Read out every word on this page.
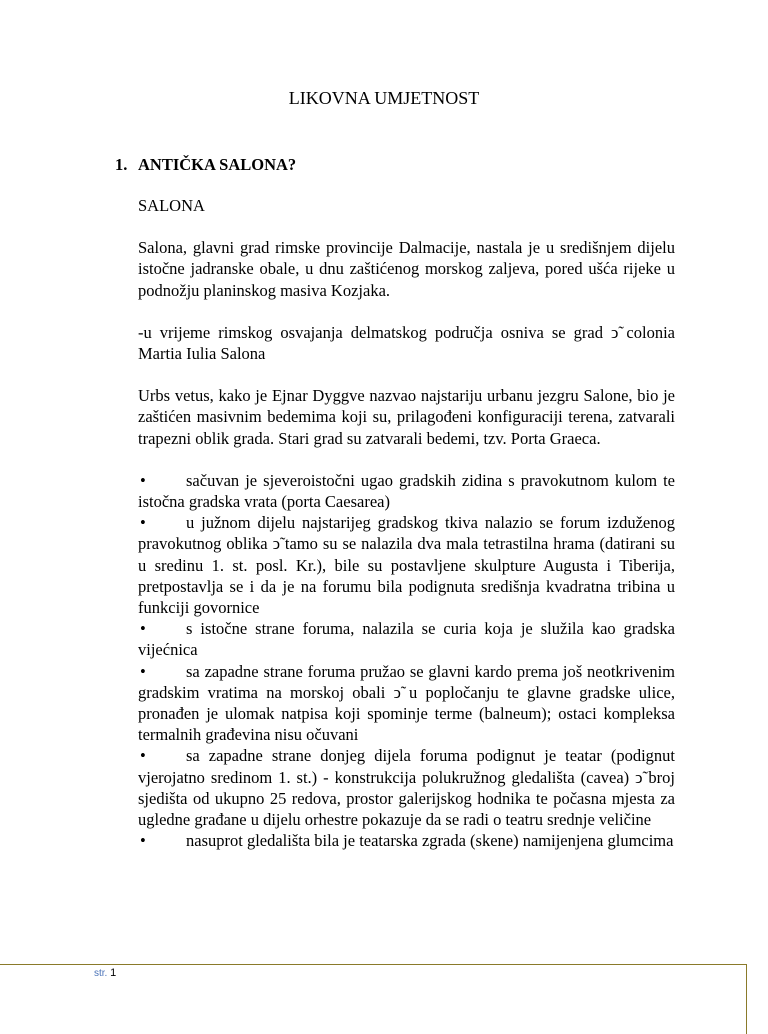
LIKOVNA UMJETNOST
1. ANTIČKA SALONA?

SALONA

Salona, glavni grad rimske provincije Dalmacije, nastala je u središnjem dijelu istočne jadranske obale, u dnu zaštićenog morskog zaljeva, pored ušća rijeke u podnožju planinskog masiva Kozjaka.

-u vrijeme rimskog osvajanja delmatskog područja osniva se grad ͻ̃ colonia Martia Iulia Salona

Urbs vetus, kako je Ejnar Dyggve nazvao najstariju urbanu jezgru Salone, bio je zaštićen masivnim bedemima koji su, prilagođeni konfiguraciji terena, zatvarali trapezni oblik grada. Stari grad su zatvarali bedemi, tzv. Porta Graeca.

• sačuvan je sjeveroistočni ugao gradskih zidina s pravokutnom kulom te istočna gradska vrata (porta Caesarea)

• u južnom dijelu najstarijeg gradskog tkiva nalazio se forum izduženog pravokutnog oblika ͻ̃ tamo su se nalazila dva mala tetrastilna hrama (datirani su u sredinu 1. st. posl. Kr.), bile su postavljene skulpture Augusta i Tiberija, pretpostavlja se i da je na forumu bila podignuta središnja kvadratna tribina u funkciji govornice

• s istočne strane foruma, nalazila se curia koja je služila kao gradska vijećnica

• sa zapadne strane foruma pružao se glavni kardo prema još neotkrivenim gradskim vratima na morskoj obali ͻ̃ u popločanju te glavne gradske ulice, pronađen je ulomak natpisa koji spominje terme (balneum); ostaci kompleksa termalnih građevina nisu očuvani

• sa zapadne strane donjeg dijela foruma podignut je teatar (podignut vjerojatno sredinom 1. st.) - konstrukcija polukružnog gledališta (cavea) ͻ̃ broj sjedišta od ukupno 25 redova, prostor galerijskog hodnika te počasna mjesta za ugledne građane u dijelu orhestre pokazuje da se radi o teatru srednje veličine

• nasuprot gledališta bila je teatarska zgrada (skene) namijenjena glumcima

str. 1
